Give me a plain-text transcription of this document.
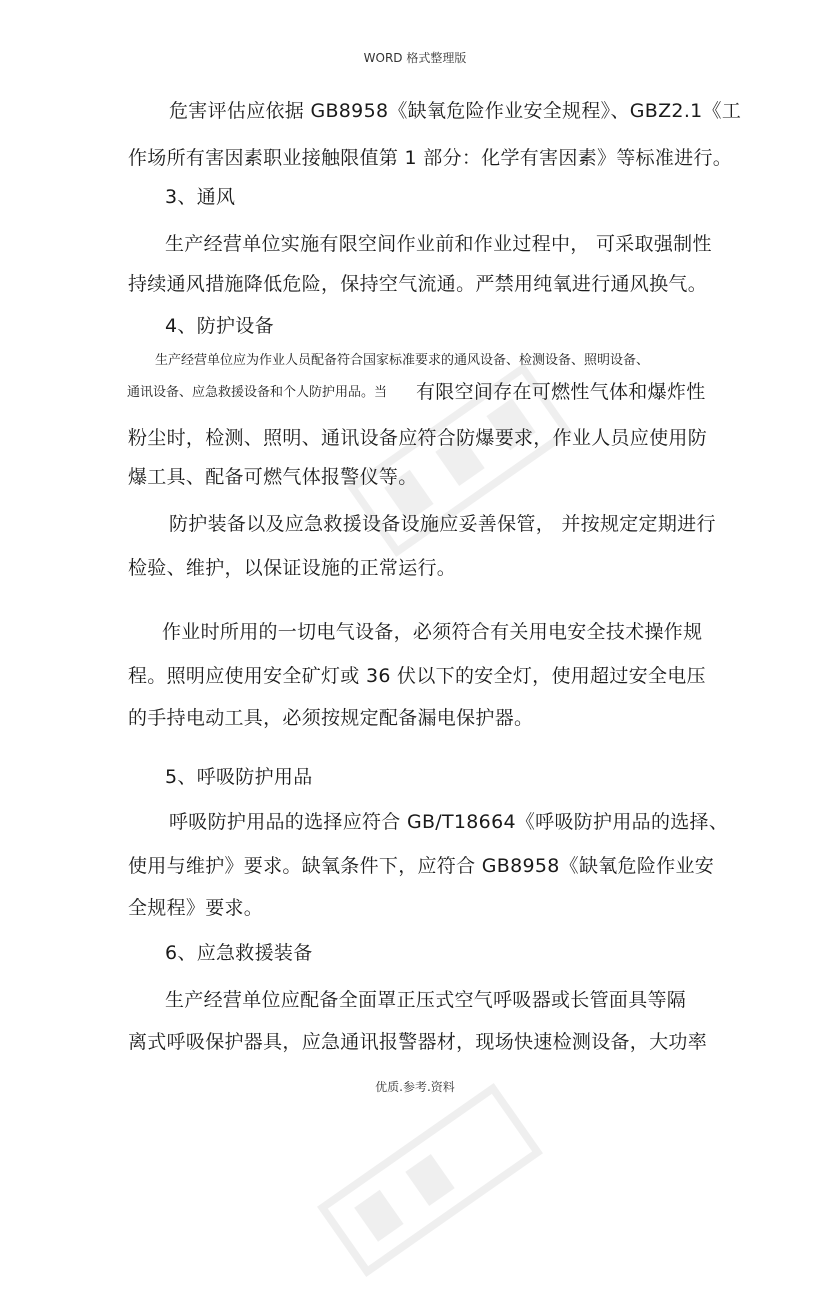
WORD 格式整理版
危害评估应依据 GB8958《缺氧危险作业安全规程》、GBZ2.1《工
作场所有害因素职业接触限值第 1 部分：化学有害因素》等标准进行。
3、通风
生产经营单位实施有限空间作业前和作业过程中， 可采取强制性
持续通风措施降低危险，保持空气流通。严禁用纯氧进行通风换气。
4、防护设备
生产经营单位应为作业人员配备符合国家标准要求的通风设备、检测设备、照明设备、
通讯设备、应急救援设备和个人防护用品。当 有限空间存在可燃性气体和爆炸性
粉尘时，检测、照明、通讯设备应符合防爆要求，作业人员应使用防
爆工具、配备可燃气体报警仪等。
防护装备以及应急救援设备设施应妥善保管， 并按规定定期进行
检验、维护，以保证设施的正常运行。
作业时所用的一切电气设备，必须符合有关用电安全技术操作规
程。照明应使用安全矿灯或 36 伏以下的安全灯，使用超过安全电压
的手持电动工具，必须按规定配备漏电保护器。
5、呼吸防护用品
呼吸防护用品的选择应符合 GB/T18664《呼吸防护用品的选择、
使用与维护》要求。缺氧条件下，应符合 GB8958《缺氧危险作业安
全规程》要求。
6、应急救援装备
生产经营单位应配备全面罩正压式空气呼吸器或长管面具等隔
离式呼吸保护器具，应急通讯报警器材，现场快速检测设备，大功率
优质.参考.资料
